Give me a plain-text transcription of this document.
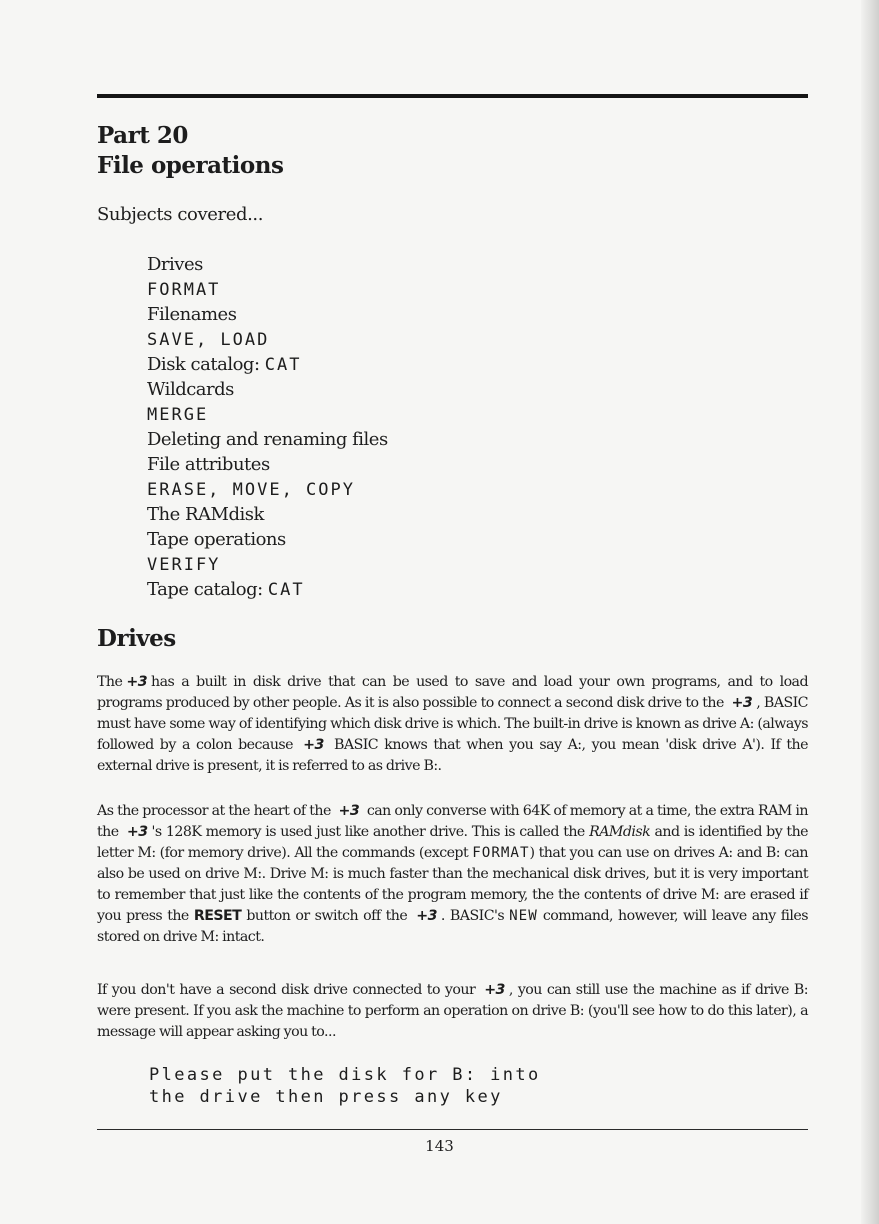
Part 20
File operations
Subjects covered...
Drives
FORMAT
Filenames
SAVE, LOAD
Disk catalog: CAT
Wildcards
MERGE
Deleting and renaming files
File attributes
ERASE, MOVE, COPY
The RAMdisk
Tape operations
VERIFY
Tape catalog: CAT
Drives

The +3 has a built in disk drive that can be used to save and load your own programs, and to load programs produced by other people. As it is also possible to connect a second disk drive to the +3 , BASIC must have some way of identifying which disk drive is which. The built-in drive is known as drive A: (always followed by a colon because +3 BASIC knows that when you say A:, you mean 'disk drive A'). If the external drive is present, it is referred to as drive B:.

As the processor at the heart of the +3 can only converse with 64K of memory at a time, the extra RAM in the +3 's 128K memory is used just like another drive. This is called the RAMdisk and is identified by the letter M: (for memory drive). All the commands (except FORMAT) that you can use on drives A: and B: can also be used on drive M:. Drive M: is much faster than the mechanical disk drives, but it is very important to remember that just like the contents of the program memory, the the contents of drive M: are erased if you press the RESET button or switch off the +3 . BASIC's NEW command, however, will leave any files stored on drive M: intact.

If you don't have a second disk drive connected to your +3 , you can still use the machine as if drive B: were present. If you ask the machine to perform an operation on drive B: (you'll see how to do this later), a message will appear asking you to...

Please put the disk for B: into
the drive then press any key
143
